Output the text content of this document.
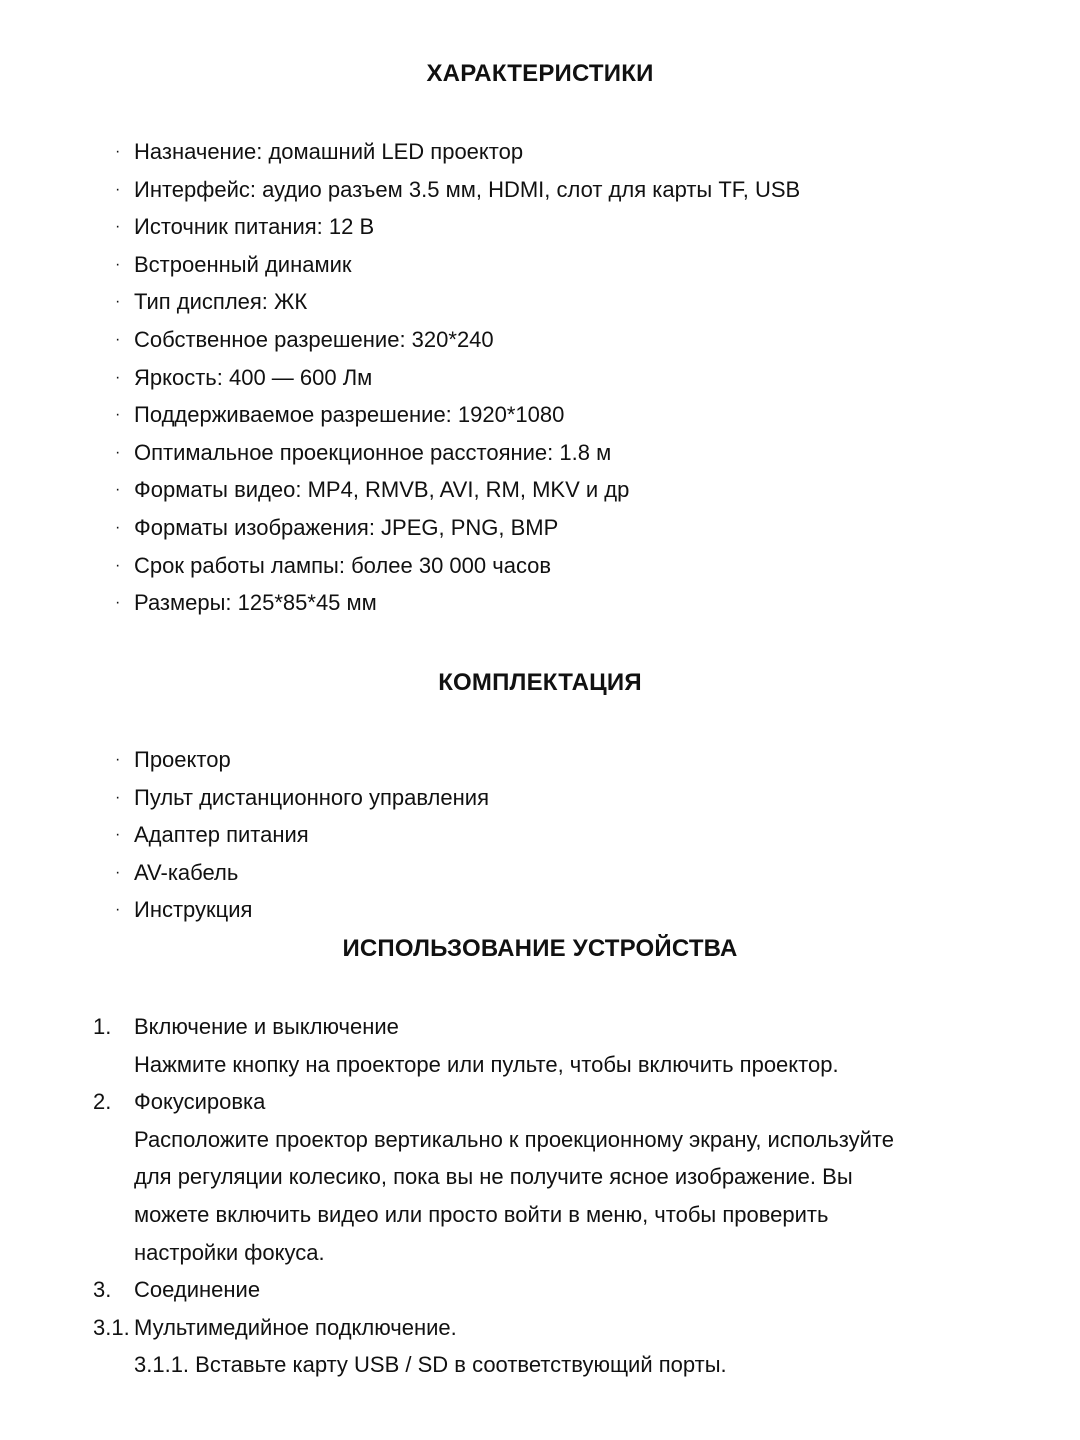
ХАРАКТЕРИСТИКИ
· Назначение: домашний LED проектор
· Интерфейс: аудио разъем 3.5 мм, HDMI, слот для карты TF, USB
· Источник питания: 12 В
· Встроенный динамик
· Тип дисплея: ЖК
· Собственное разрешение: 320*240
· Яркость: 400 — 600 Лм
· Поддерживаемое разрешение: 1920*1080
· Оптимальное проекционное расстояние: 1.8 м
· Форматы видео: MP4, RMVB, AVI, RM, MKV и др
· Форматы изображения: JPEG, PNG, BMP
· Срок работы лампы: более 30 000 часов
· Размеры: 125*85*45 мм
КОМПЛЕКТАЦИЯ
· Проектор
· Пульт дистанционного управления
· Адаптер питания
· AV-кабель
· Инструкция
ИСПОЛЬЗОВАНИЕ УСТРОЙСТВА
1. Включение и выключение
Нажмите кнопку на проекторе или пульте, чтобы включить проектор.
2. Фокусировка
Расположите проектор вертикально к проекционному экрану, используйте
для регуляции колесико, пока вы не получите ясное изображение. Вы
можете включить видео или просто войти в меню, чтобы проверить
настройки фокуса.
3. Соединение
3.1. Мультимедийное подключение.
3.1.1. Вставьте карту USB / SD в соответствующий порты.
